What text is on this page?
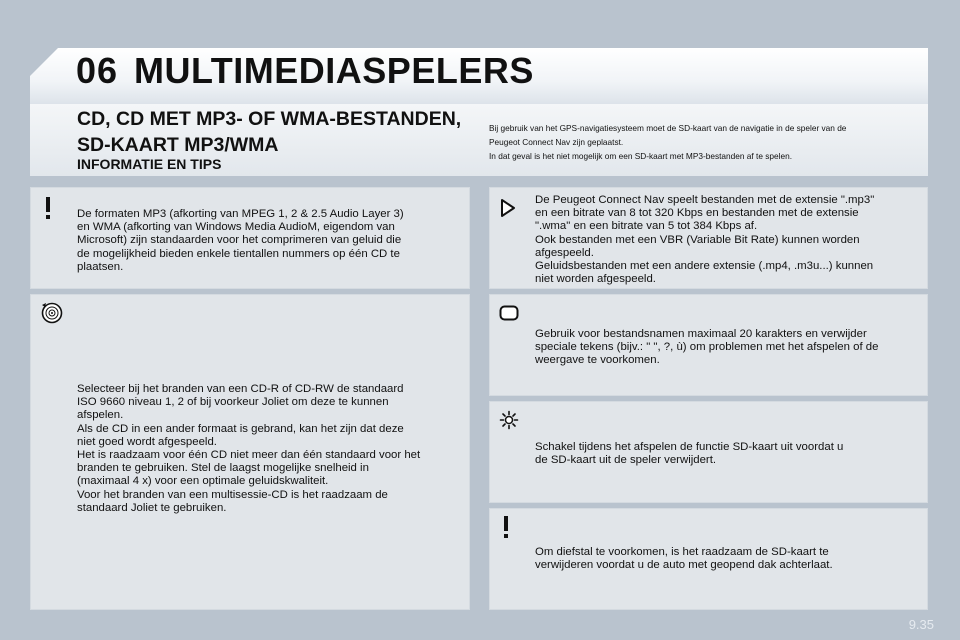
06 MULTIMEDIASPELERS
CD, CD MET MP3- OF WMA-BESTANDEN,
SD-KAART MP3/WMA
INFORMATIE EN TIPS
Bij gebruik van het GPS-navigatiesysteem moet de SD-kaart van de navigatie in de speler van de
Peugeot Connect Nav zijn geplaatst.
In dat geval is het niet mogelijk om een SD-kaart met MP3-bestanden af te spelen.
De formaten MP3 (afkorting van MPEG 1, 2 & 2.5 Audio Layer 3)
en WMA (afkorting van Windows Media AudioM, eigendom van
Microsoft) zijn standaarden voor het comprimeren van geluid die
de mogelijkheid bieden enkele tientallen nummers op één CD te
plaatsen.
Selecteer bij het branden van een CD-R of CD-RW de standaard
ISO 9660 niveau 1, 2 of bij voorkeur Joliet om deze te kunnen
afspelen.
Als de CD in een ander formaat is gebrand, kan het zijn dat deze
niet goed wordt afgespeeld.
Het is raadzaam voor één CD niet meer dan één standaard voor het
branden te gebruiken. Stel de laagst mogelijke snelheid in
(maximaal 4 x) voor een optimale geluidskwaliteit.
Voor het branden van een multisessie-CD is het raadzaam de
standaard Joliet te gebruiken.
De Peugeot Connect Nav speelt bestanden met de extensie ".mp3"
en een bitrate van 8 tot 320 Kbps en bestanden met de extensie
".wma" en een bitrate van 5 tot 384 Kbps af.
Ook bestanden met een VBR (Variable Bit Rate) kunnen worden
afgespeeld.
Geluidsbestanden met een andere extensie (.mp4, .m3u...) kunnen
niet worden afgespeeld.
Gebruik voor bestandsnamen maximaal 20 karakters en verwijder
speciale tekens (bijv.: " ", ?, ù) om problemen met het afspelen of de
weergave te voorkomen.
Schakel tijdens het afspelen de functie SD-kaart uit voordat u
de SD-kaart uit de speler verwijdert.
Om diefstal te voorkomen, is het raadzaam de SD-kaart te
verwijderen voordat u de auto met geopend dak achterlaat.
9.35
